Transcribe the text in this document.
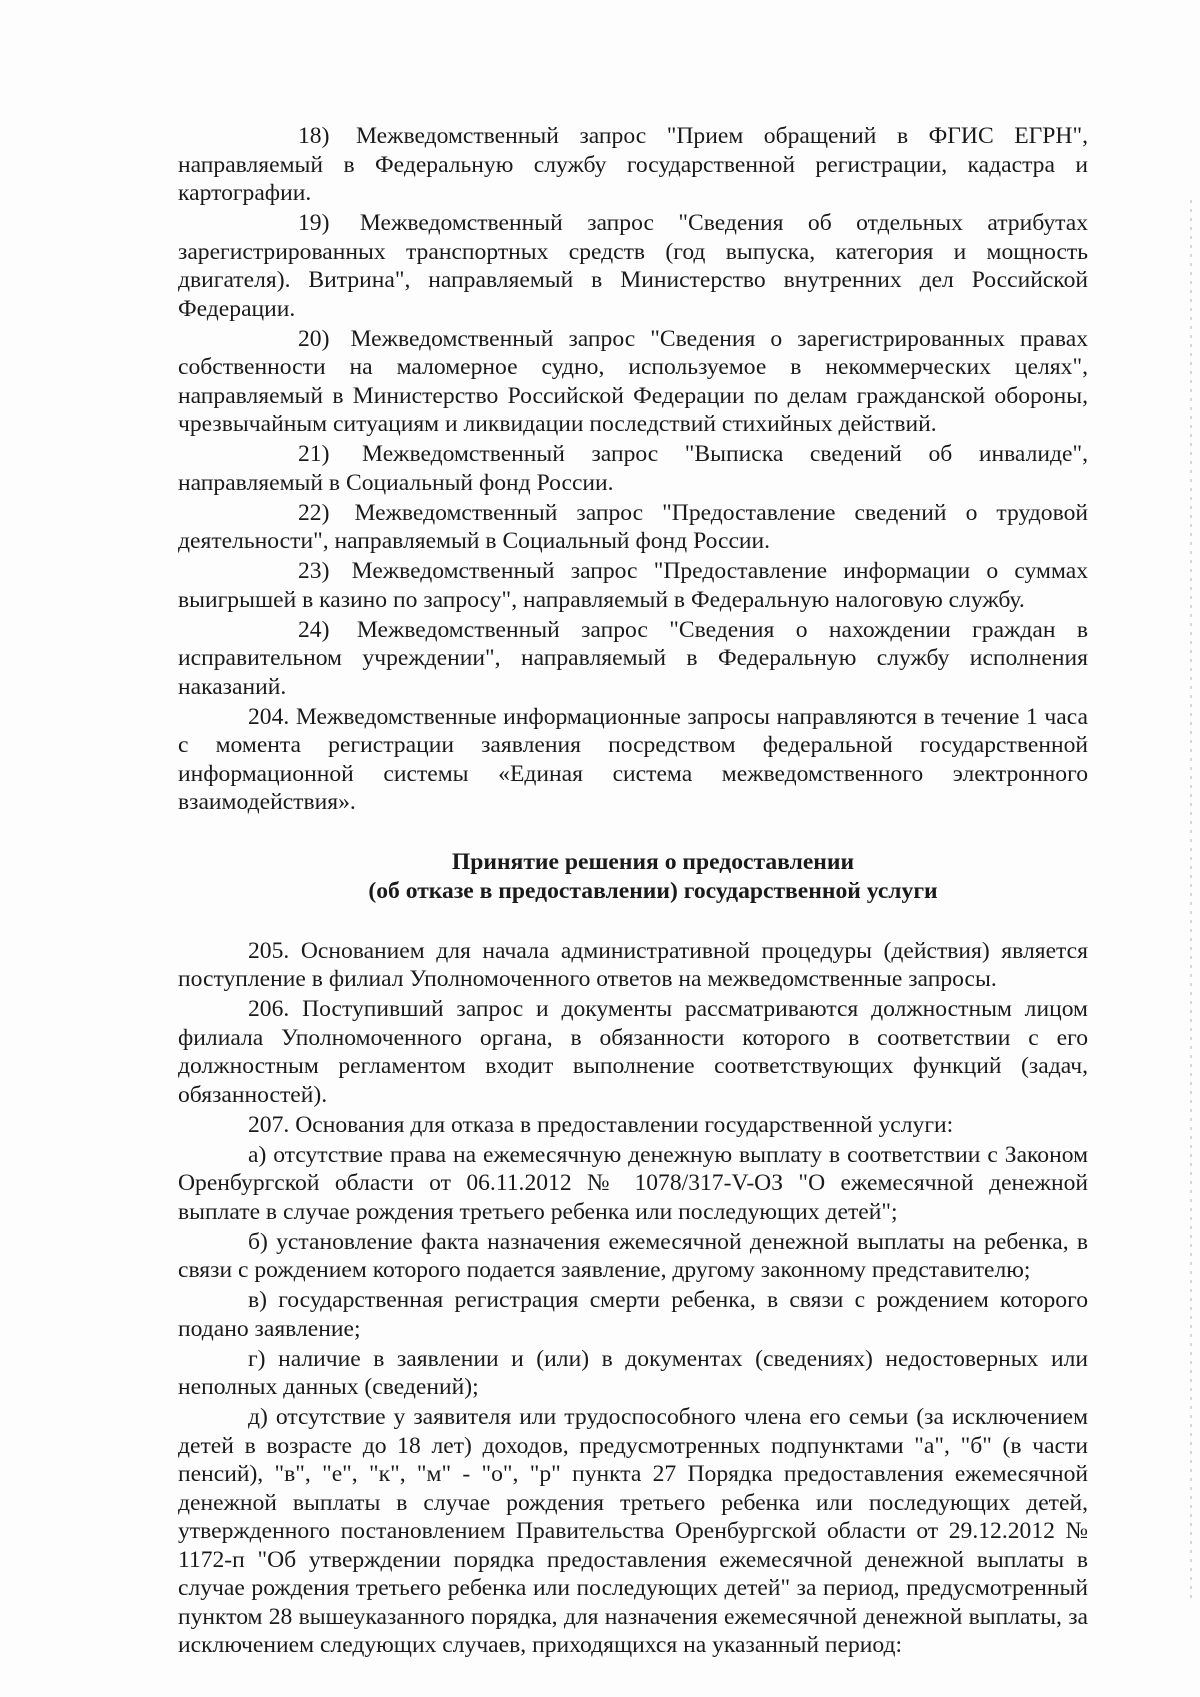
18) Межведомственный запрос "Прием обращений в ФГИС ЕГРН", направляемый в Федеральную службу государственной регистрации, кадастра и картографии.
19) Межведомственный запрос "Сведения об отдельных атрибутах зарегистрированных транспортных средств (год выпуска, категория и мощность двигателя). Витрина", направляемый в Министерство внутренних дел Российской Федерации.
20) Межведомственный запрос "Сведения о зарегистрированных правах собственности на маломерное судно, используемое в некоммерческих целях", направляемый в Министерство Российской Федерации по делам гражданской обороны, чрезвычайным ситуациям и ликвидации последствий стихийных действий.
21) Межведомственный запрос "Выписка сведений об инвалиде", направляемый в Социальный фонд России.
22) Межведомственный запрос "Предоставление сведений о трудовой деятельности", направляемый в Социальный фонд России.
23) Межведомственный запрос "Предоставление информации о суммах выигрышей в казино по запросу", направляемый в Федеральную налоговую службу.
24) Межведомственный запрос "Сведения о нахождении граждан в исправительном учреждении", направляемый в Федеральную службу исполнения наказаний.
204. Межведомственные информационные запросы направляются в течение 1 часа с момента регистрации заявления посредством федеральной государственной информационной системы «Единая система межведомственного электронного взаимодействия».
Принятие решения о предоставлении
(об отказе в предоставлении) государственной услуги
205. Основанием для начала административной процедуры (действия) является поступление в филиал Уполномоченного ответов на межведомственные запросы.
206. Поступивший запрос и документы рассматриваются должностным лицом филиала Уполномоченного органа, в обязанности которого в соответствии с его должностным регламентом входит выполнение соответствующих функций (задач, обязанностей).
207. Основания для отказа в предоставлении государственной услуги:
а) отсутствие права на ежемесячную денежную выплату в соответствии с Законом Оренбургской области от 06.11.2012 № 1078/317-V-ОЗ "О ежемесячной денежной выплате в случае рождения третьего ребенка или последующих детей";
б) установление факта назначения ежемесячной денежной выплаты на ребенка, в связи с рождением которого подается заявление, другому законному представителю;
в) государственная регистрация смерти ребенка, в связи с рождением которого подано заявление;
г) наличие в заявлении и (или) в документах (сведениях) недостоверных или неполных данных (сведений);
д) отсутствие у заявителя или трудоспособного члена его семьи (за исключением детей в возрасте до 18 лет) доходов, предусмотренных подпунктами "а", "б" (в части пенсий), "в", "е", "к", "м" - "о", "р" пункта 27 Порядка предоставления ежемесячной денежной выплаты в случае рождения третьего ребенка или последующих детей, утвержденного постановлением Правительства Оренбургской области от 29.12.2012 № 1172-п "Об утверждении порядка предоставления ежемесячной денежной выплаты в случае рождения третьего ребенка или последующих детей" за период, предусмотренный пунктом 28 вышеуказанного порядка, для назначения ежемесячной денежной выплаты, за исключением следующих случаев, приходящихся на указанный период:
